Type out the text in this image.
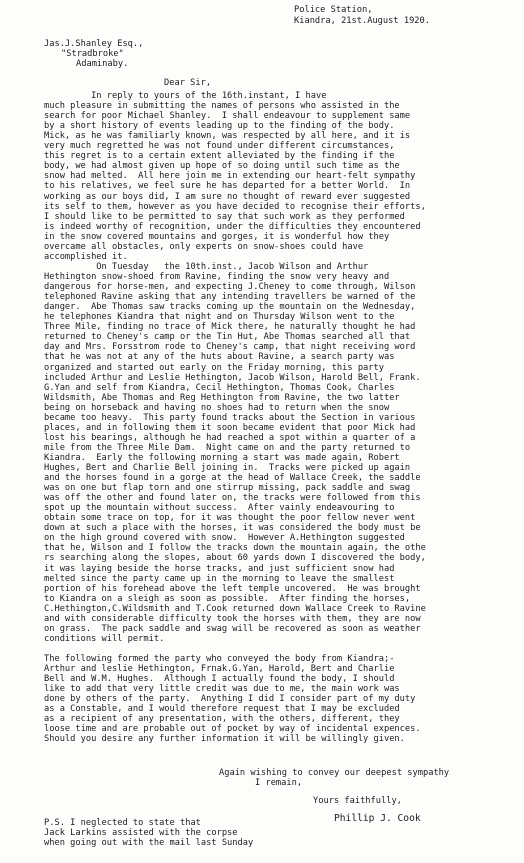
Police Station,
Kiandra, 21st.August 1920.
Jas.J.Shanley Esq.,
"Stradbroke"
Adaminaby.
Dear Sir,
In reply to yours of the 16th.instant, I have
much pleasure in submitting the names of persons who assisted in the
search for poor Michael Shanley.  I shall endeavour to supplement same
by a short history of events leading up to the finding of the body.
Mick, as he was familiarly known, was respected by all here, and it is
very much regretted he was not found under different circumstances,
this regret is to a certain extent alleviated by the finding if the
body, we had almost given up hope of so doing until such time as the
snow had melted.  All here join me in extending our heart-felt sympathy
to his relatives, we feel sure he has departed for a better World.  In
working as our boys did, I am sure no thought of reward ever suggested
its self to them, however as you have decided to recognise their efforts,
I should like to be permitted to say that such work as they performed
is indeed worthy of recognition, under the difficulties they encountered
in the snow covered mountains and gorges, it is wonderful how they
overcame all obstacles, only experts on snow-shoes could have
accomplished it.
On Tuesday   the 10th.inst., Jacob Wilson and Arthur
Hethington snow-shoed from Ravine, finding the snow very heavy and
dangerous for horse-men, and expecting J.Cheney to come through, Wilson
telephoned Ravine asking that any intending travellers be warned of the
danger.  Abe Thomas saw tracks coming up the mountain on the Wednesday,
he telephones Kiandra that night and on Thursday Wilson went to the
Three Mile, finding no trace of Mick there, he naturally thought he had
returned to Cheney's camp or the Tin Hut, Abe Thomas searched all that
day and Mrs. Forsstrom rode to Cheney's camp, that night receiving word
that he was not at any of the huts about Ravine, a search party was
organized and started out early on the Friday morning, this party
included Arthur and Leslie Hethington, Jacob Wilson, Harold Bell, Frank.
G.Yan and self from Kiandra, Cecil Hethington, Thomas Cook, Charles
Wildsmith, Abe Thomas and Reg Hethington from Ravine, the two latter
being on horseback and having no shoes had to return when the snow
became too heavy.  This party found tracks about the Section in various
places, and in following them it soon became evident that poor Mick had
lost his bearings, although he had reached a spot within a quarter of a
mile from the Three Mile Dam.  Night came on and the party returned to
Kiandra.  Early the following morning a start was made again, Robert
Hughes, Bert and Charlie Bell joining in.  Tracks were picked up again
and the horses found in a gorge at the head of Wallace Creek, the saddle
was on one but flap torn and one stirrup missing, pack saddle and swag
was off the other and found later on, the tracks were followed from this
spot up the mountain without success.  After vainly endeavouring to
obtain some trace on top, for it was thought the poor fellow never went
down at such a place with the horses, it was considered the body must be
on the high ground covered with snow.  However A.Hethington suggested
that he, Wilson and I follow the tracks down the mountain again, the othe
rs searching along the slopes, about 60 yards down I discovered the body,
it was laying beside the horse tracks, and just sufficient snow had
melted since the party came up in the morning to leave the smallest
portion of his forehead above the left temple uncovered.  He was brought
to Kiandra on a sleigh as soon as possible.  After finding the horses,
C.Hethington,C.Wildsmith and T.Cook returned down Wallace Creek to Ravine
and with considerable difficulty took the horses with them, they are now
on grass.  The pack saddle and swag will be recovered as soon as weather
conditions will permit.
The following formed the party who conveyed the body from Kiandra;-
Arthur and leslie Hethington, Frnak.G.Yan, Harold, Bert and Charlie
Bell and W.M. Hughes.  Although I actually found the body, I should
like to add that very little credit was due to me, the main work was
done by others of the party.  Anything I did I consider part of my duty
as a Constable, and I would therefore request that I may be excluded
as a recipient of any presentation, with the others, different, they
loose time and are probable out of pocket by way of incidental expences.
Should you desire any further information it will be willingly given.
Again wishing to convey our deepest sympathy
I remain,
Yours faithfully,
Phillip J. Cook
P.S. I neglected to state that
Jack Larkins assisted with the corpse
when going out with the mail last Sunday
